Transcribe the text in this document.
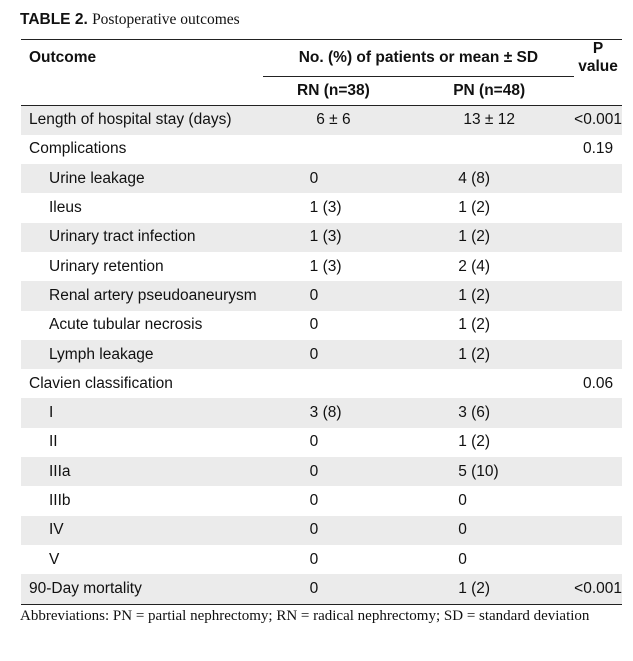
TABLE 2. Postoperative outcomes
Outcome	No. (%) of patients or mean ± SD		P value
	RN (n=38)	PN (n=48)	
Length of hospital stay (days)	6 ± 6	13 ± 12	<0.001
Complications			0.19
Urine leakage	0	4 (8)	
Ileus	1 (3)	1 (2)	
Urinary tract infection	1 (3)	1 (2)	
Urinary retention	1 (3)	2 (4)	
Renal artery pseudoaneurysm	0	1 (2)	
Acute tubular necrosis	0	1 (2)	
Lymph leakage	0	1 (2)	
Clavien classification			0.06
I	3 (8)	3 (6)	
II	0	1 (2)	
IIIa	0	5 (10)	
IIIb	0	0	
IV	0	0	
V	0	0	
90-Day mortality	0	1 (2)	<0.001
Abbreviations: PN = partial nephrectomy; RN = radical nephrectomy; SD = standard deviation
